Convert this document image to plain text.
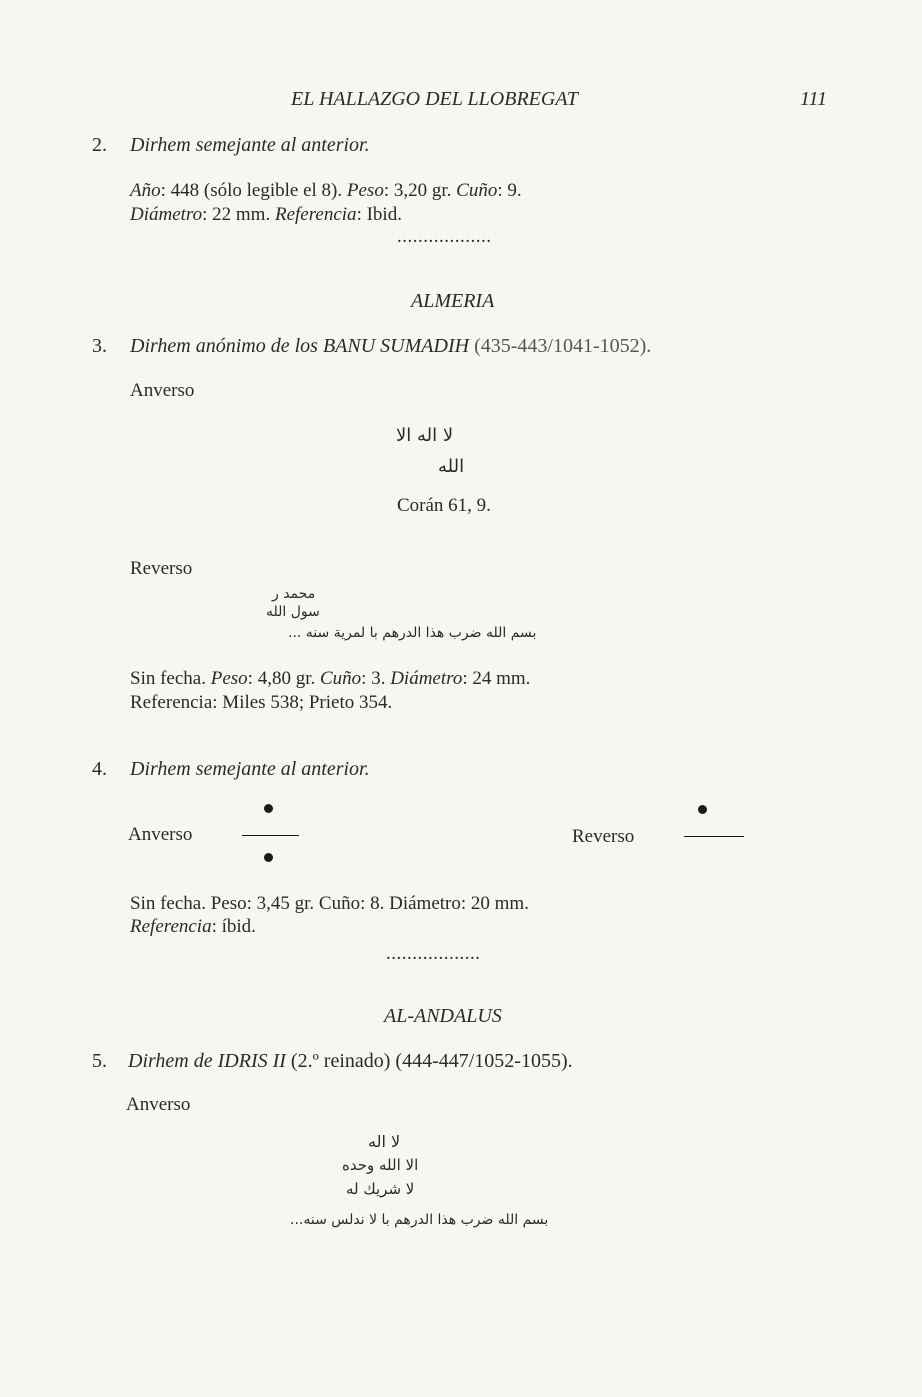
EL HALLAZGO DEL LLOBREGAT	111
2. Dirhem semejante al anterior.
Año: 448 (sólo legible el 8). Peso: 3,20 gr. Cuño: 9.
Diámetro: 22 mm. Referencia: Ibid.
..................
ALMERIA
3. Dirhem anónimo de los BANU SUMADIH (435-443/1041-1052).
Anverso
لا اله الا
الله
Corán 61, 9.
Reverso
محمد ر
سول الله
بسم الله ضرب هذا الدرهم با لمرية سنه ...
Sin fecha. Peso: 4,80 gr. Cuño: 3. Diámetro: 24 mm.
Referencia: Miles 538; Prieto 354.
4. Dirhem semejante al anterior.
Anverso	Reverso
Sin fecha. Peso: 3,45 gr. Cuño: 8. Diámetro: 20 mm.
Referencia: íbid.
..................
AL-ANDALUS
5. Dirhem de IDRIS II (2.º reinado) (444-447/1052-1055).
Anverso
لا اله
الا الله وحده
لا شريك له
بسم الله ضرب هذا الدرهم با لا ندلس سنه...
